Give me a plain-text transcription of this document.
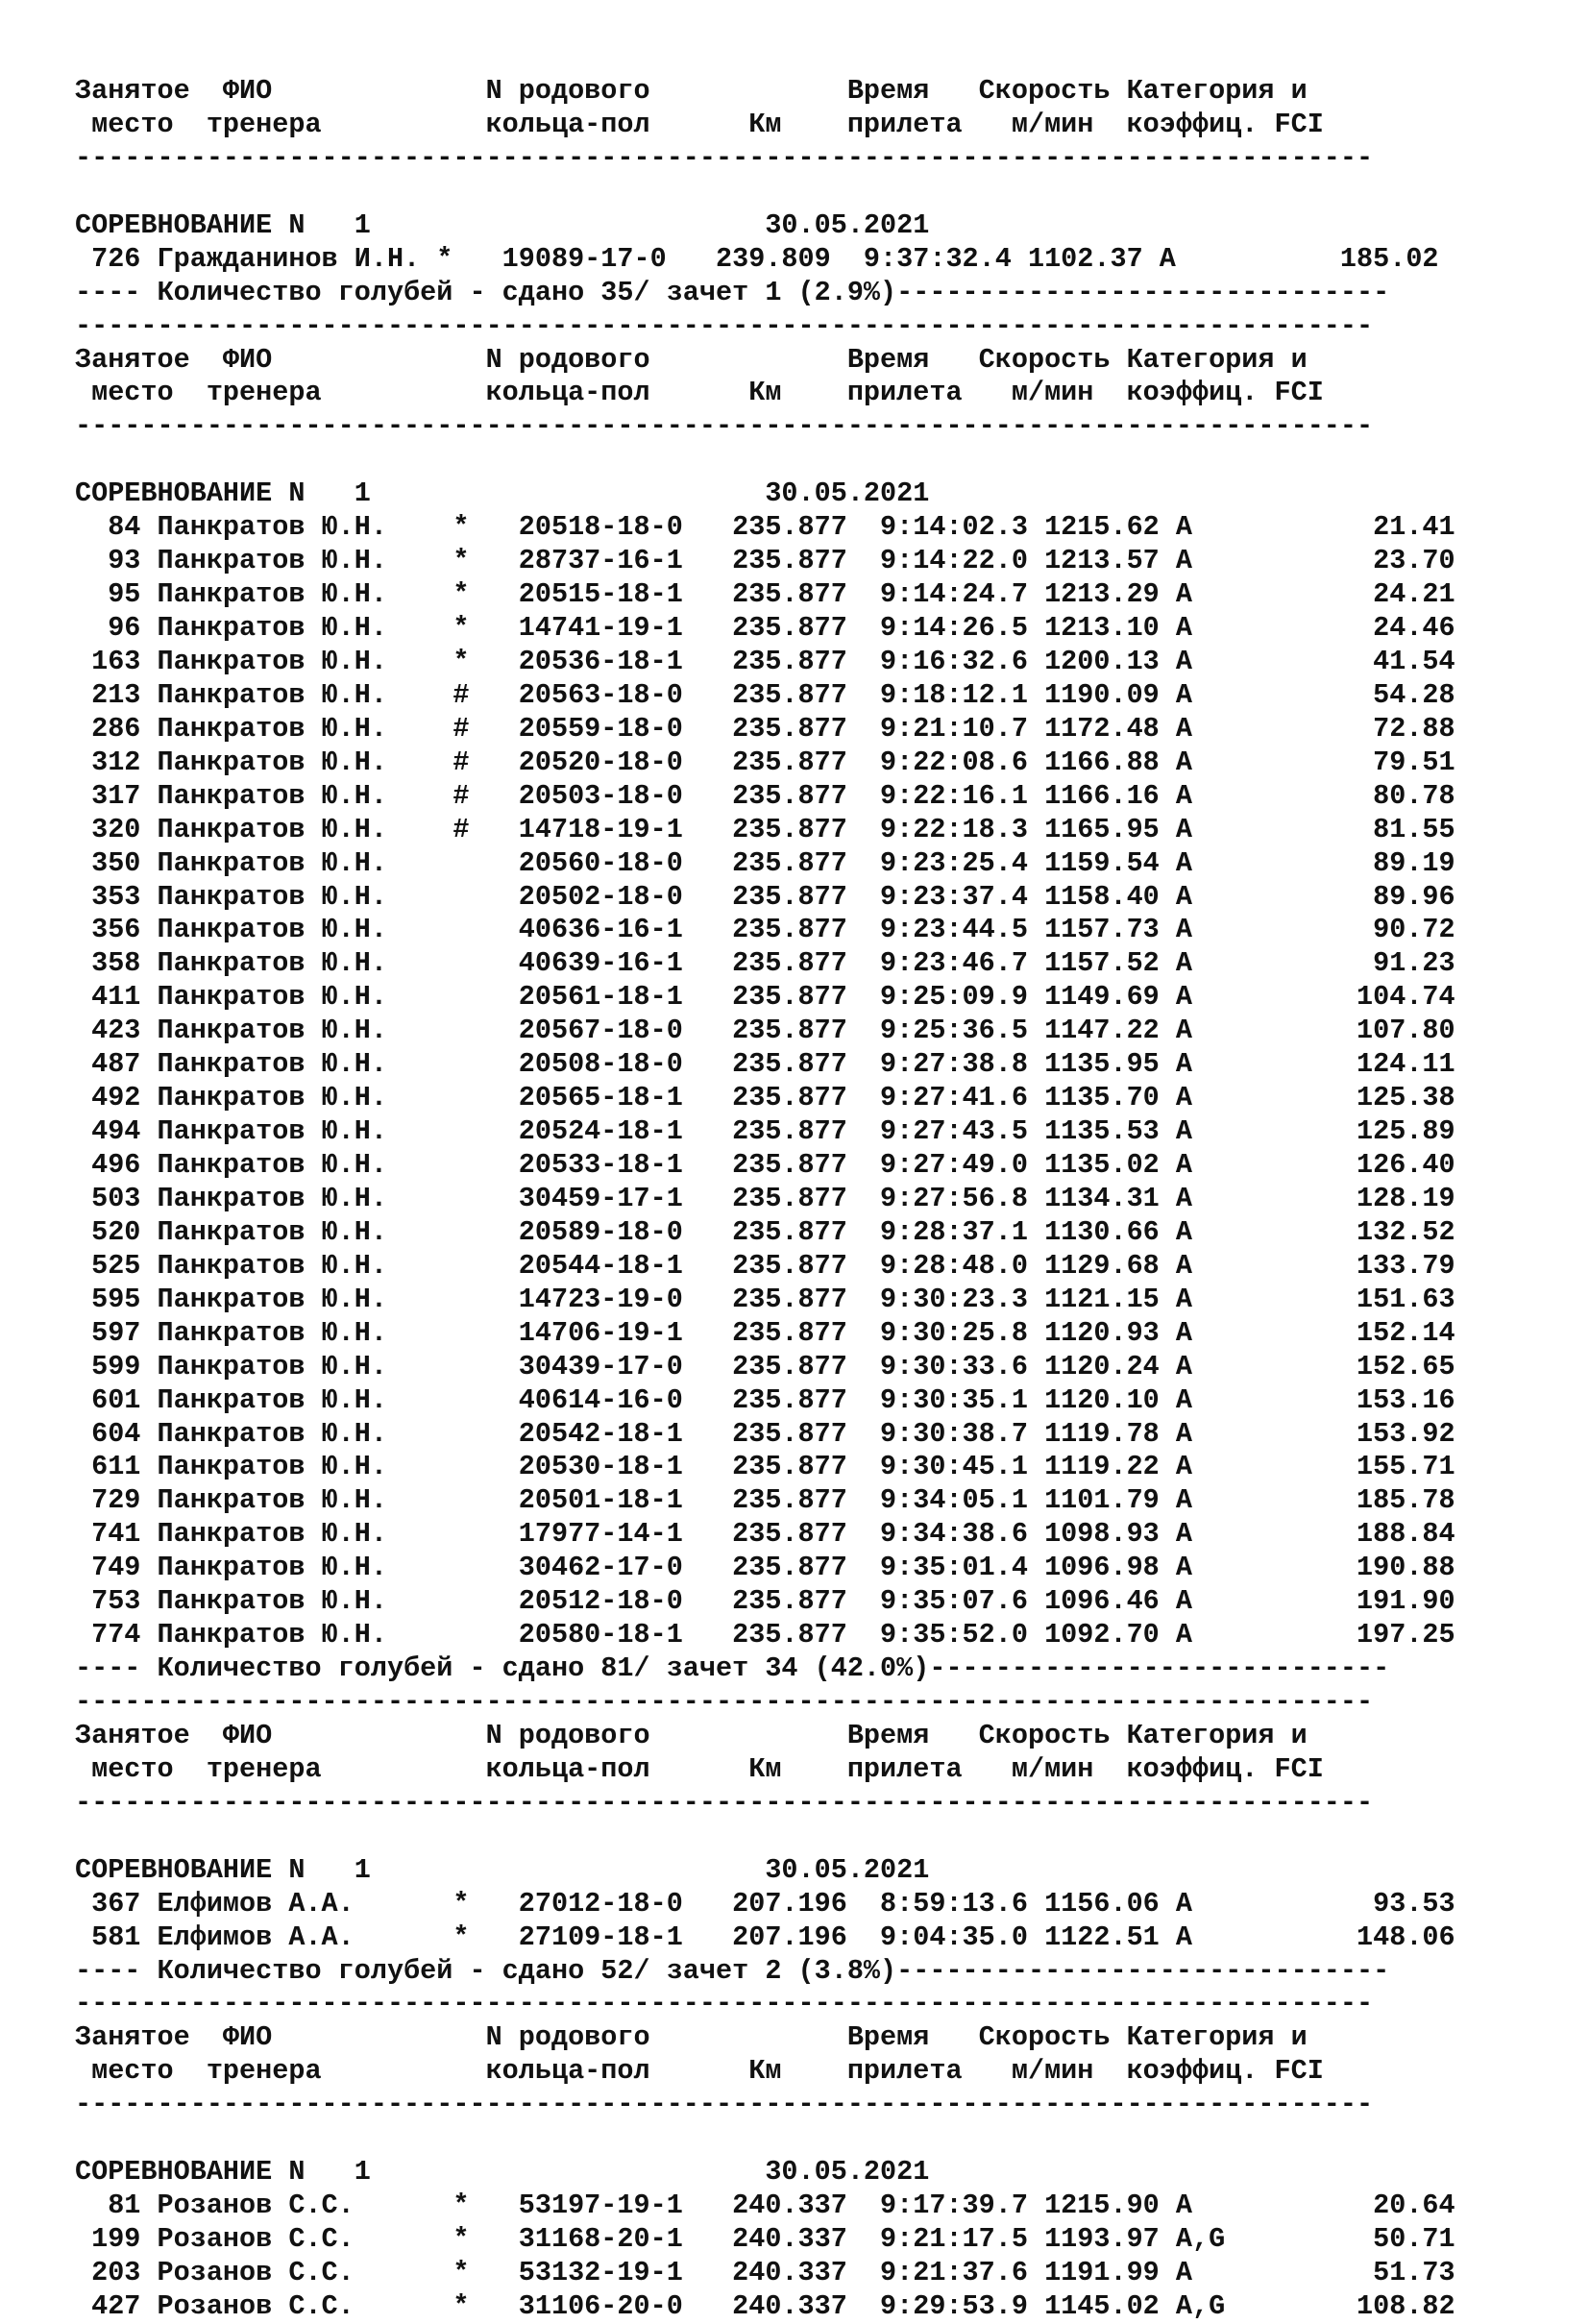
Занятое  ФИО             N родового            Время   Скорость Категория и
место  тренера          кольца-пол      Км    прилета   м/мин  коэффиц. FCI
-------------------------------------------------------------------------------
СОРЕВНОВАНИЕ N   1                        30.05.2021
726 Гражданинов И.Н. *   19089-17-0   239.809  9:37:32.4 1102.37 A          185.02
---- Количество голубей - сдано 35/ зачет 1 (2.9%)------------------------------
-------------------------------------------------------------------------------
Занятое  ФИО             N родового            Время   Скорость Категория и
место  тренера          кольца-пол      Км    прилета   м/мин  коэффиц. FCI
-------------------------------------------------------------------------------
СОРЕВНОВАНИЕ N   1                        30.05.2021
84 Панкратов Ю.Н.    *   20518-18-0   235.877  9:14:02.3 1215.62 A           21.41
93 Панкратов Ю.Н.    *   28737-16-1   235.877  9:14:22.0 1213.57 A           23.70
95 Панкратов Ю.Н.    *   20515-18-1   235.877  9:14:24.7 1213.29 A           24.21
96 Панкратов Ю.Н.    *   14741-19-1   235.877  9:14:26.5 1213.10 A           24.46
163 Панкратов Ю.Н.    *   20536-18-1   235.877  9:16:32.6 1200.13 A           41.54
213 Панкратов Ю.Н.    #   20563-18-0   235.877  9:18:12.1 1190.09 A           54.28
286 Панкратов Ю.Н.    #   20559-18-0   235.877  9:21:10.7 1172.48 A           72.88
312 Панкратов Ю.Н.    #   20520-18-0   235.877  9:22:08.6 1166.88 A           79.51
317 Панкратов Ю.Н.    #   20503-18-0   235.877  9:22:16.1 1166.16 A           80.78
320 Панкратов Ю.Н.    #   14718-19-1   235.877  9:22:18.3 1165.95 A           81.55
350 Панкратов Ю.Н.        20560-18-0   235.877  9:23:25.4 1159.54 A           89.19
353 Панкратов Ю.Н.        20502-18-0   235.877  9:23:37.4 1158.40 A           89.96
356 Панкратов Ю.Н.        40636-16-1   235.877  9:23:44.5 1157.73 A           90.72
358 Панкратов Ю.Н.        40639-16-1   235.877  9:23:46.7 1157.52 A           91.23
411 Панкратов Ю.Н.        20561-18-1   235.877  9:25:09.9 1149.69 A          104.74
423 Панкратов Ю.Н.        20567-18-0   235.877  9:25:36.5 1147.22 A          107.80
487 Панкратов Ю.Н.        20508-18-0   235.877  9:27:38.8 1135.95 A          124.11
492 Панкратов Ю.Н.        20565-18-1   235.877  9:27:41.6 1135.70 A          125.38
494 Панкратов Ю.Н.        20524-18-1   235.877  9:27:43.5 1135.53 A          125.89
496 Панкратов Ю.Н.        20533-18-1   235.877  9:27:49.0 1135.02 A          126.40
503 Панкратов Ю.Н.        30459-17-1   235.877  9:27:56.8 1134.31 A          128.19
520 Панкратов Ю.Н.        20589-18-0   235.877  9:28:37.1 1130.66 A          132.52
525 Панкратов Ю.Н.        20544-18-1   235.877  9:28:48.0 1129.68 A          133.79
595 Панкратов Ю.Н.        14723-19-0   235.877  9:30:23.3 1121.15 A          151.63
597 Панкратов Ю.Н.        14706-19-1   235.877  9:30:25.8 1120.93 A          152.14
599 Панкратов Ю.Н.        30439-17-0   235.877  9:30:33.6 1120.24 A          152.65
601 Панкратов Ю.Н.        40614-16-0   235.877  9:30:35.1 1120.10 A          153.16
604 Панкратов Ю.Н.        20542-18-1   235.877  9:30:38.7 1119.78 A          153.92
611 Панкратов Ю.Н.        20530-18-1   235.877  9:30:45.1 1119.22 A          155.71
729 Панкратов Ю.Н.        20501-18-1   235.877  9:34:05.1 1101.79 A          185.78
741 Панкратов Ю.Н.        17977-14-1   235.877  9:34:38.6 1098.93 A          188.84
749 Панкратов Ю.Н.        30462-17-0   235.877  9:35:01.4 1096.98 A          190.88
753 Панкратов Ю.Н.        20512-18-0   235.877  9:35:07.6 1096.46 A          191.90
774 Панкратов Ю.Н.        20580-18-1   235.877  9:35:52.0 1092.70 A          197.25
---- Количество голубей - сдано 81/ зачет 34 (42.0%)----------------------------
-------------------------------------------------------------------------------
Занятое  ФИО             N родового            Время   Скорость Категория и
место  тренера          кольца-пол      Км    прилета   м/мин  коэффиц. FCI
-------------------------------------------------------------------------------
СОРЕВНОВАНИЕ N   1                        30.05.2021
367 Елфимов А.А.      *   27012-18-0   207.196  8:59:13.6 1156.06 A           93.53
581 Елфимов А.А.      *   27109-18-1   207.196  9:04:35.0 1122.51 A          148.06
---- Количество голубей - сдано 52/ зачет 2 (3.8%)------------------------------
-------------------------------------------------------------------------------
Занятое  ФИО             N родового            Время   Скорость Категория и
место  тренера          кольца-пол      Км    прилета   м/мин  коэффиц. FCI
-------------------------------------------------------------------------------
СОРЕВНОВАНИЕ N   1                        30.05.2021
81 Розанов С.С.      *   53197-19-1   240.337  9:17:39.7 1215.90 A           20.64
199 Розанов С.С.      *   31168-20-1   240.337  9:21:17.5 1193.97 A,G         50.71
203 Розанов С.С.      *   53132-19-1   240.337  9:21:37.6 1191.99 A           51.73
427 Розанов С.С.      *   31106-20-0   240.337  9:29:53.9 1145.02 A,G        108.82
